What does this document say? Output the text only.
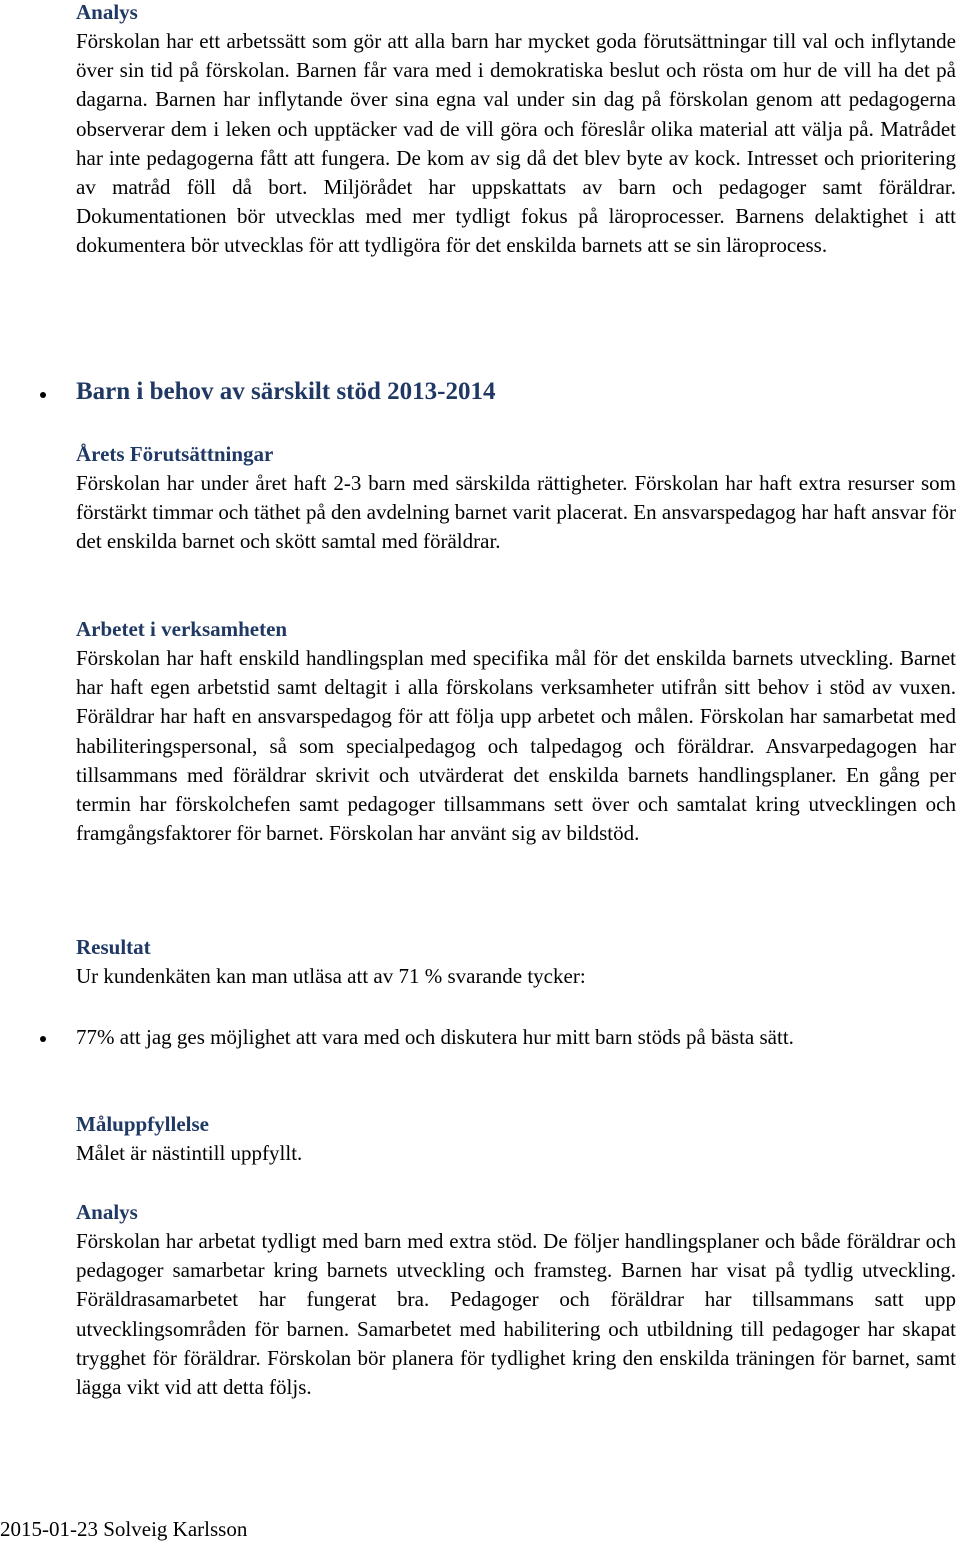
Analys

Förskolan har ett arbetssätt som gör att alla barn har mycket goda förutsättningar till val och inflytande över sin tid på förskolan. Barnen får vara med i demokratiska beslut och rösta om hur de vill ha det på dagarna. Barnen har inflytande över sina egna val under sin dag på förskolan genom att pedagogerna observerar dem i leken och upptäcker vad de vill göra och föreslår olika material att välja på. Matrådet har inte pedagogerna fått att fungera. De kom av sig då det blev byte av kock. Intresset och prioritering av matråd föll då bort. Miljörådet har uppskattats av barn och pedagoger samt föräldrar. Dokumentationen bör utvecklas med mer tydligt fokus på läroprocesser. Barnens delaktighet i att dokumentera bör utvecklas för att tydligöra för det enskilda barnets att se sin läroprocess.

Barn i behov av särskilt stöd 2013-2014

Årets Förutsättningar

Förskolan har under året haft 2-3 barn med särskilda rättigheter. Förskolan har haft extra resurser som förstärkt timmar och täthet på den avdelning barnet varit placerat. En ansvarspedagog har haft ansvar för det enskilda barnet och skött samtal med föräldrar.

Arbetet i verksamheten

Förskolan har haft enskild handlingsplan med specifika mål för det enskilda barnets utveckling. Barnet har haft egen arbetstid samt deltagit i alla förskolans verksamheter utifrån sitt behov i stöd av vuxen. Föräldrar har haft en ansvarspedagog för att följa upp arbetet och målen. Förskolan har samarbetat med habiliteringspersonal, så som specialpedagog och talpedagog och föräldrar. Ansvarpedagogen har tillsammans med föräldrar skrivit och utvärderat det enskilda barnets handlingsplaner. En gång per termin har förskolchefen samt pedagoger tillsammans sett över och samtalat kring utvecklingen och framgångsfaktorer för barnet. Förskolan har använt sig av bildstöd.

Resultat

Ur kundenkäten kan man utläsa att av 71 % svarande tycker:

77% att jag ges möjlighet att vara med och diskutera hur mitt barn stöds på bästa sätt.

Måluppfyllelse

Målet är nästintill uppfyllt.

Analys

Förskolan har arbetat tydligt med barn med extra stöd. De följer handlingsplaner och både föräldrar och pedagoger samarbetar kring barnets utveckling och framsteg. Barnen har visat på tydlig utveckling. Föräldrasamarbetet har fungerat bra. Pedagoger och föräldrar har tillsammans satt upp utvecklingsområden för barnen. Samarbetet med habilitering och utbildning till pedagoger har skapat trygghet för föräldrar. Förskolan bör planera för tydlighet kring den enskilda träningen för barnet, samt lägga vikt vid att detta följs.

2015-01-23 Solveig Karlsson
